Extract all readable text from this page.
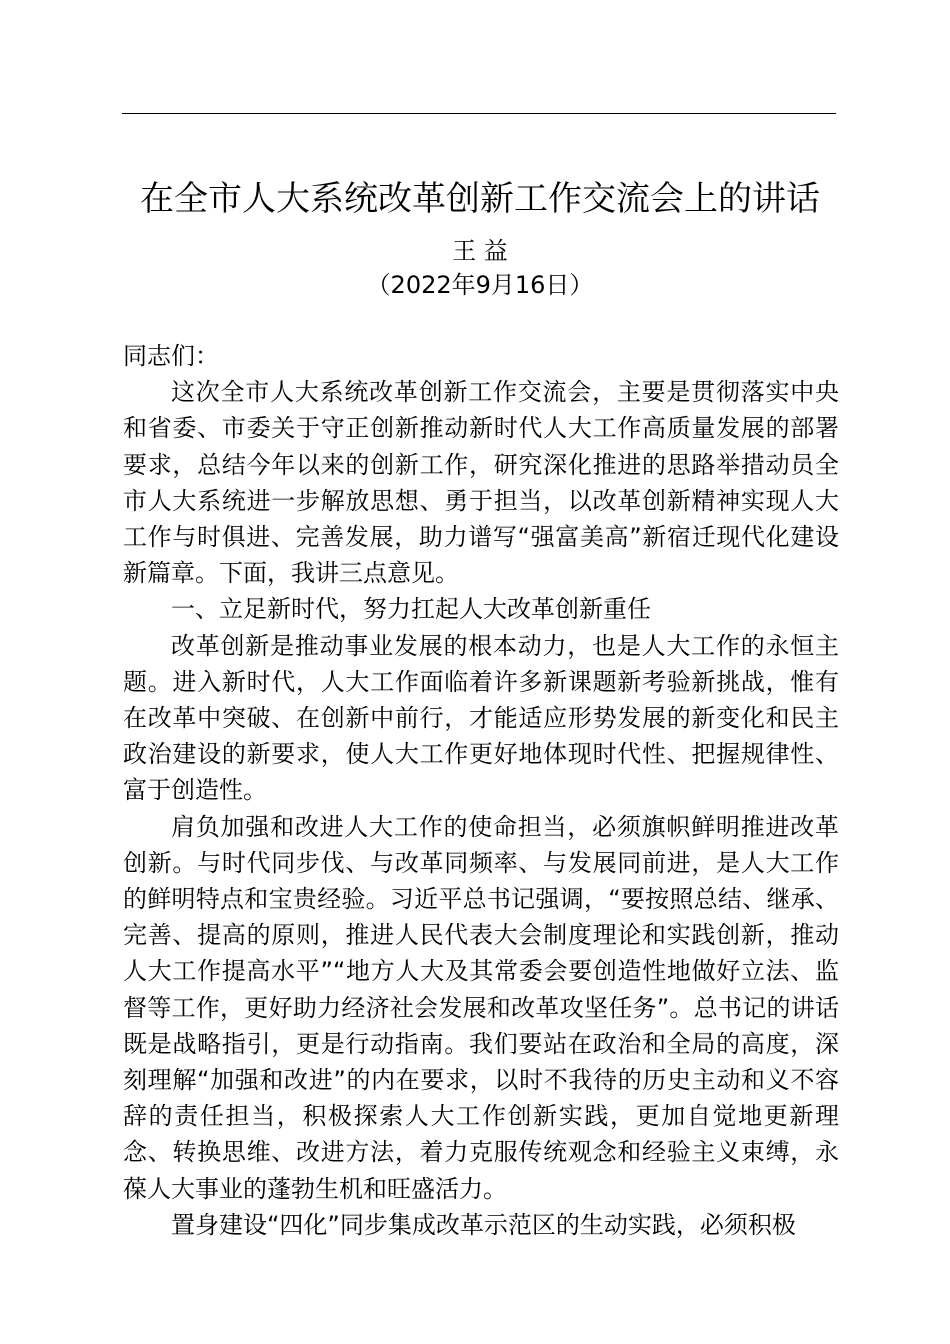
在全市人大系统改革创新工作交流会上的讲话
王 益
（2022年9月16日）

同志们：

这次全市人大系统改革创新工作交流会，主要是贯彻落实中央和省委、市委关于守正创新推动新时代人大工作高质量发展的部署要求，总结今年以来的创新工作，研究深化推进的思路举措动员全市人大系统进一步解放思想、勇于担当，以改革创新精神实现人大工作与时俱进、完善发展，助力谱写“强富美高”新宿迁现代化建设新篇章。下面，我讲三点意见。

一、立足新时代，努力扛起人大改革创新重任

改革创新是推动事业发展的根本动力，也是人大工作的永恒主题。进入新时代，人大工作面临着许多新课题新考验新挑战，惟有在改革中突破、在创新中前行，才能适应形势发展的新变化和民主政治建设的新要求，使人大工作更好地体现时代性、把握规律性、富于创造性。

肩负加强和改进人大工作的使命担当，必须旗帜鲜明推进改革创新。与时代同步伐、与改革同频率、与发展同前进，是人大工作的鲜明特点和宝贵经验。习近平总书记强调，“要按照总结、继承、完善、提高的原则，推进人民代表大会制度理论和实践创新，推动人大工作提高水平”“地方人大及其常委会要创造性地做好立法、监督等工作，更好助力经济社会发展和改革攻坚任务”。总书记的讲话既是战略指引，更是行动指南。我们要站在政治和全局的高度，深刻理解“加强和改进”的内在要求，以时不我待的历史主动和义不容辞的责任担当，积极探索人大工作创新实践，更加自觉地更新理念、转换思维、改进方法，着力克服传统观念和经验主义束缚，永葆人大事业的蓬勃生机和旺盛活力。

置身建设“四化”同步集成改革示范区的生动实践，必须积极
